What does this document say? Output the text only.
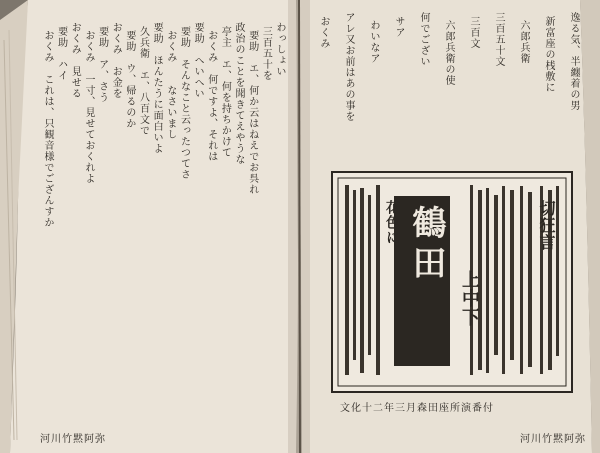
わっしょい
三百五十を
要助　エ、何か云はねえでお呉れ
政治のことを聞きてえやうな
亭主　エ、何を持ちかけて
おくみ　何ですよ、それは
要助　へいへい
要助　そんなこと云ったつてさ
おくみ　　なさいまし
要助　ほんたうに面白いよ
久兵衛　エ、八百文で
要助　ウ、帰るのか
おくみ　お金を
要助　ア、さう
おくみ　一寸、見せておくれよ
おくみ　見せる
要助　ハイ
おくみ　これは、只観音様でござんすか	逸る気、半纏着の男
新富座の桟敷に
六郎兵衛
三百五十文
三百文
六郎兵衛の使
何でござい
サア
わいなア
アレ又お前はあの事を
おくみ
鶴田
上中下
切狂言
花色に
文化十二年三月森田座所演番付
河川竹黙阿弥	河川竹黙阿弥
